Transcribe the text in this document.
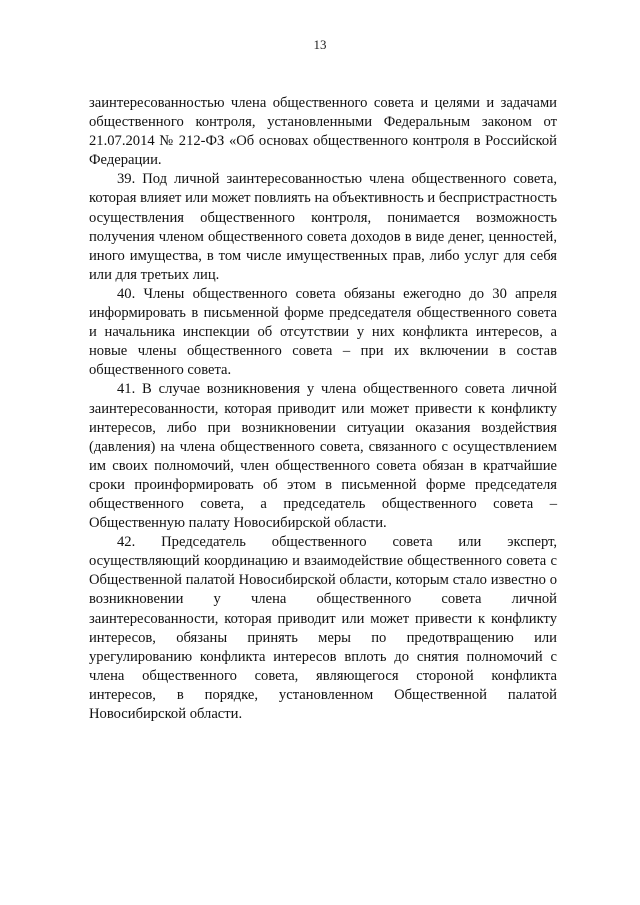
13

заинтересованностью члена общественного совета и целями и задачами общественного контроля, установленными Федеральным законом от 21.07.2014 № 212-ФЗ «Об основах общественного контроля в Российской Федерации.

39. Под личной заинтересованностью члена общественного совета, которая влияет или может повлиять на объективность и беспристрастность осуществления общественного контроля, понимается возможность получения членом общественного совета доходов в виде денег, ценностей, иного имущества, в том числе имущественных прав, либо услуг для себя или для третьих лиц.

40. Члены общественного совета обязаны ежегодно до 30 апреля информировать в письменной форме председателя общественного совета и начальника инспекции об отсутствии у них конфликта интересов, а новые члены общественного совета – при их включении в состав общественного совета.

41. В случае возникновения у члена общественного совета личной заинтересованности, которая приводит или может привести к конфликту интересов, либо при возникновении ситуации оказания воздействия (давления) на члена общественного совета, связанного с осуществлением им своих полномочий, член общественного совета обязан в кратчайшие сроки проинформировать об этом в письменной форме председателя общественного совета, а председатель общественного совета – Общественную палату Новосибирской области.

42. Председатель общественного совета или эксперт, осуществляющий координацию и взаимодействие общественного совета с Общественной палатой Новосибирской области, которым стало известно о возникновении у члена общественного совета личной заинтересованности, которая приводит или может привести к конфликту интересов, обязаны принять меры по предотвращению или урегулированию конфликта интересов вплоть до снятия полномочий с члена общественного совета, являющегося стороной конфликта интересов, в порядке, установленном Общественной палатой Новосибирской области.
